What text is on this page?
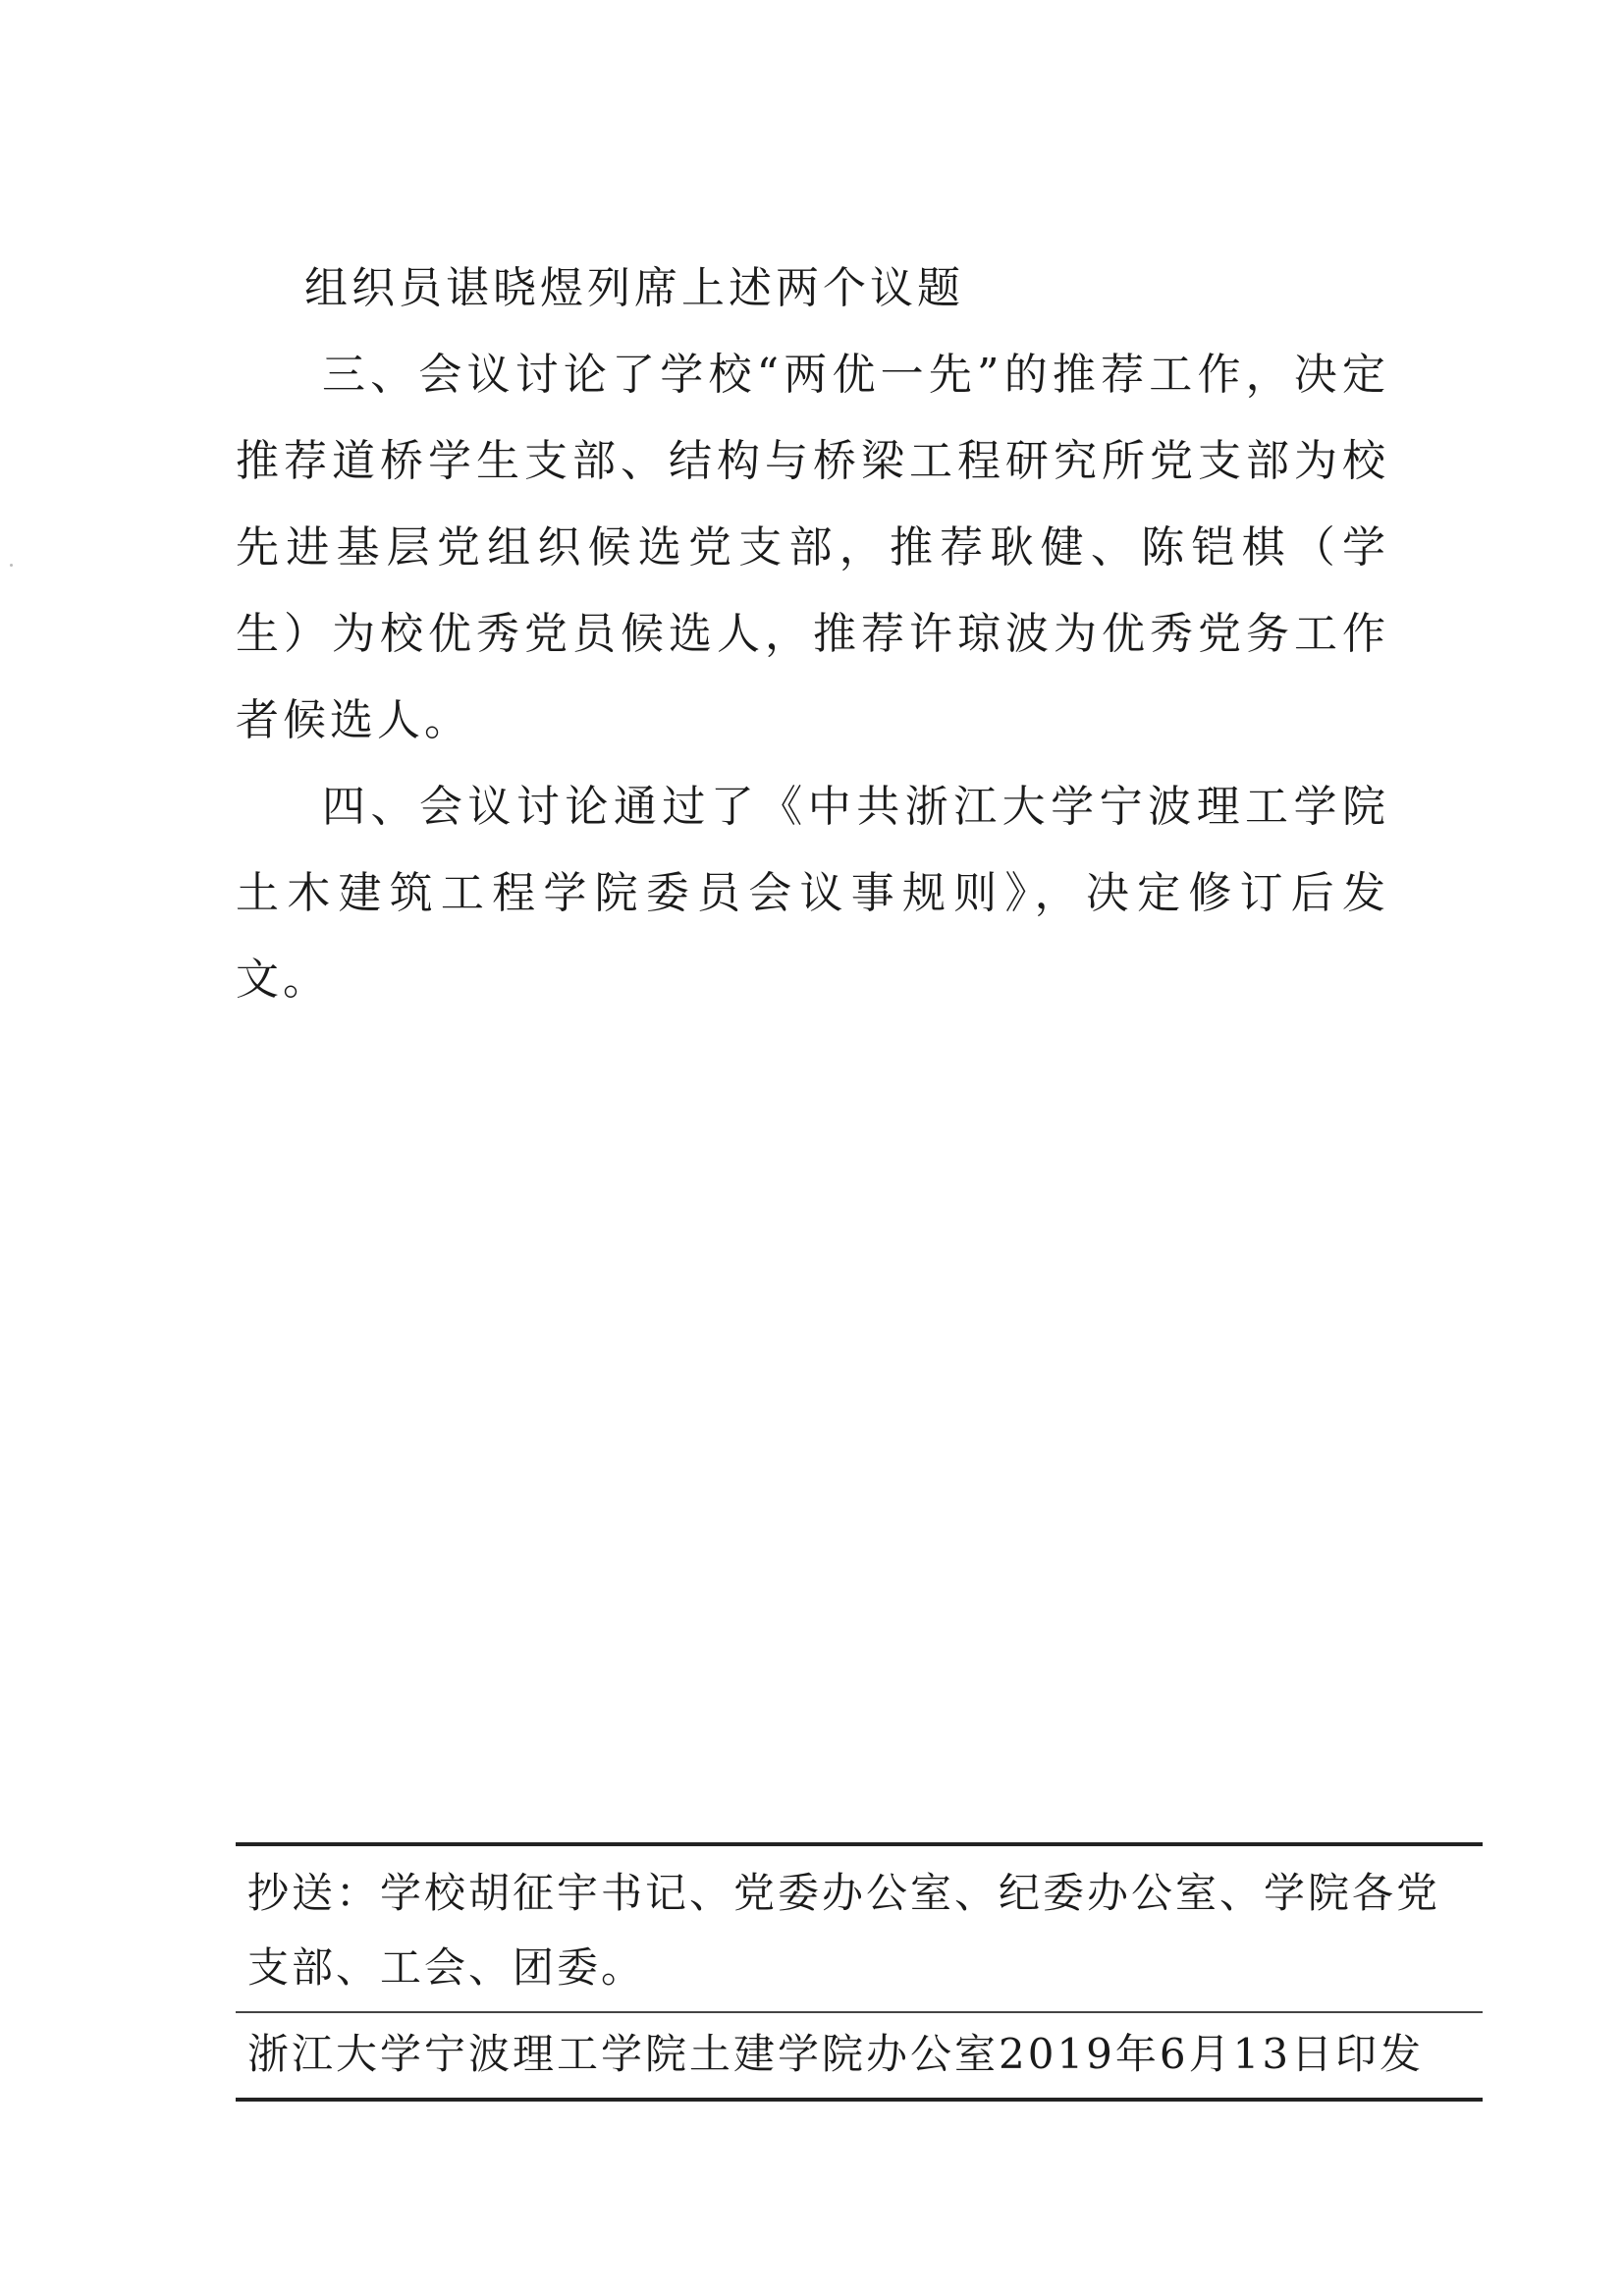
组织员谌晓煜列席上述两个议题

三、会议讨论了学校“两优一先”的推荐工作，决定推荐道桥学生支部、结构与桥梁工程研究所党支部为校先进基层党组织候选党支部，推荐耿健、陈铠棋（学生）为校优秀党员候选人，推荐许琼波为优秀党务工作者候选人。

四、会议讨论通过了《中共浙江大学宁波理工学院土木建筑工程学院委员会议事规则》，决定修订后发文。

抄送：学校胡征宇书记、党委办公室、纪委办公室、学院各党

支部、工会、团委。

浙江大学宁波理工学院土建学院办公室2019年6月13日印发
